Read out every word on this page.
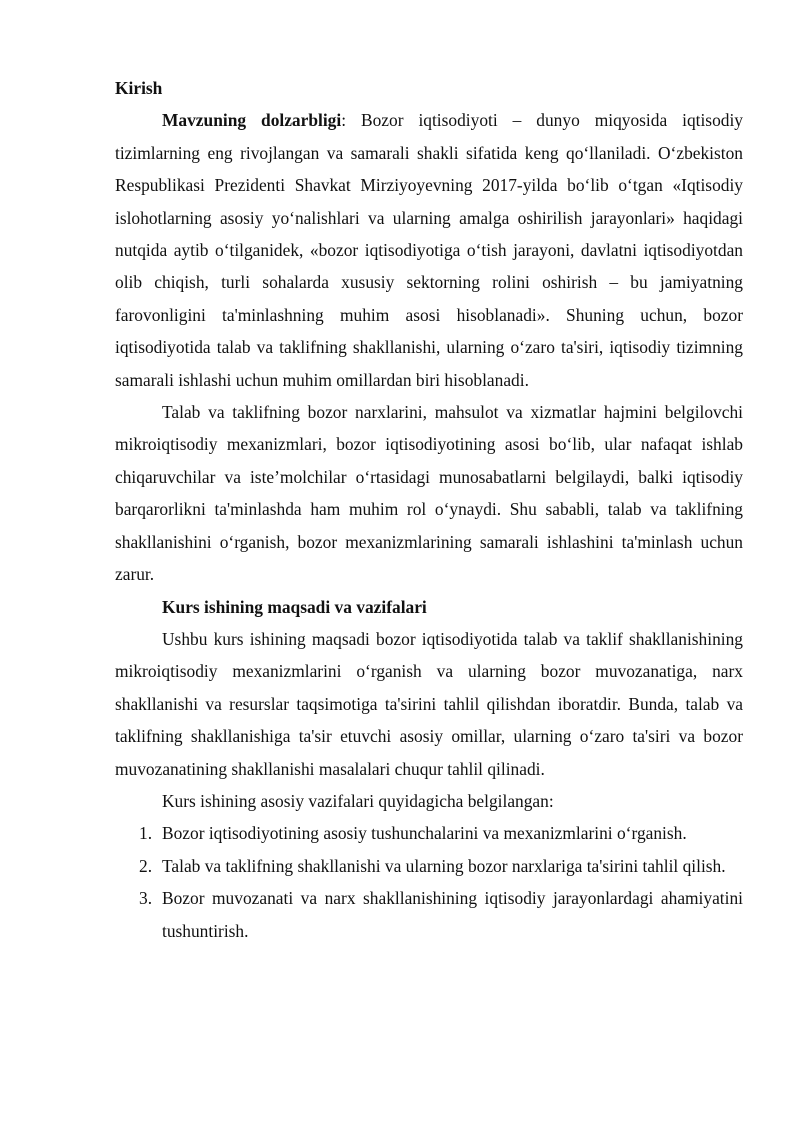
Kirish

Mavzuning dolzarbligi: Bozor iqtisodiyoti – dunyo miqyosida iqtisodiy tizimlarning eng rivojlangan va samarali shakli sifatida keng qoʻllaniladi. Oʻzbekiston Respublikasi Prezidenti Shavkat Mirziyoyevning 2017-yilda boʻlib oʻtgan «Iqtisodiy islohotlarning asosiy yoʻnalishlari va ularning amalga oshirilish jarayonlari» haqidagi nutqida aytib oʻtilganidek, «bozor iqtisodiyotiga oʻtish jarayoni, davlatni iqtisodiyotdan olib chiqish, turli sohalarda xususiy sektorning rolini oshirish – bu jamiyatning farovonligini ta'minlashning muhim asosi hisoblanadi». Shuning uchun, bozor iqtisodiyotida talab va taklifning shakllanishi, ularning oʻzaro ta'siri, iqtisodiy tizimning samarali ishlashi uchun muhim omillardan biri hisoblanadi.

Talab va taklifning bozor narxlarini, mahsulot va xizmatlar hajmini belgilovchi mikroiqtisodiy mexanizmlari, bozor iqtisodiyotining asosi boʻlib, ular nafaqat ishlab chiqaruvchilar va iste’molchilar oʻrtasidagi munosabatlarni belgilaydi, balki iqtisodiy barqarorlikni ta'minlashda ham muhim rol oʻynaydi. Shu sababli, talab va taklifning shakllanishini oʻrganish, bozor mexanizmlarining samarali ishlashini ta'minlash uchun zarur.

Kurs ishining maqsadi va vazifalari

Ushbu kurs ishining maqsadi bozor iqtisodiyotida talab va taklif shakllanishining mikroiqtisodiy mexanizmlarini oʻrganish va ularning bozor muvozanatiga, narx shakllanishi va resurslar taqsimotiga ta'sirini tahlil qilishdan iboratdir. Bunda, talab va taklifning shakllanishiga ta'sir etuvchi asosiy omillar, ularning oʻzaro ta'siri va bozor muvozanatining shakllanishi masalalari chuqur tahlil qilinadi.

Kurs ishining asosiy vazifalari quyidagicha belgilangan:

1. Bozor iqtisodiyotining asosiy tushunchalarini va mexanizmlarini oʻrganish.
2. Talab va taklifning shakllanishi va ularning bozor narxlariga ta'sirini tahlil qilish.
3. Bozor muvozanati va narx shakllanishining iqtisodiy jarayonlardagi ahamiyatini tushuntirish.
